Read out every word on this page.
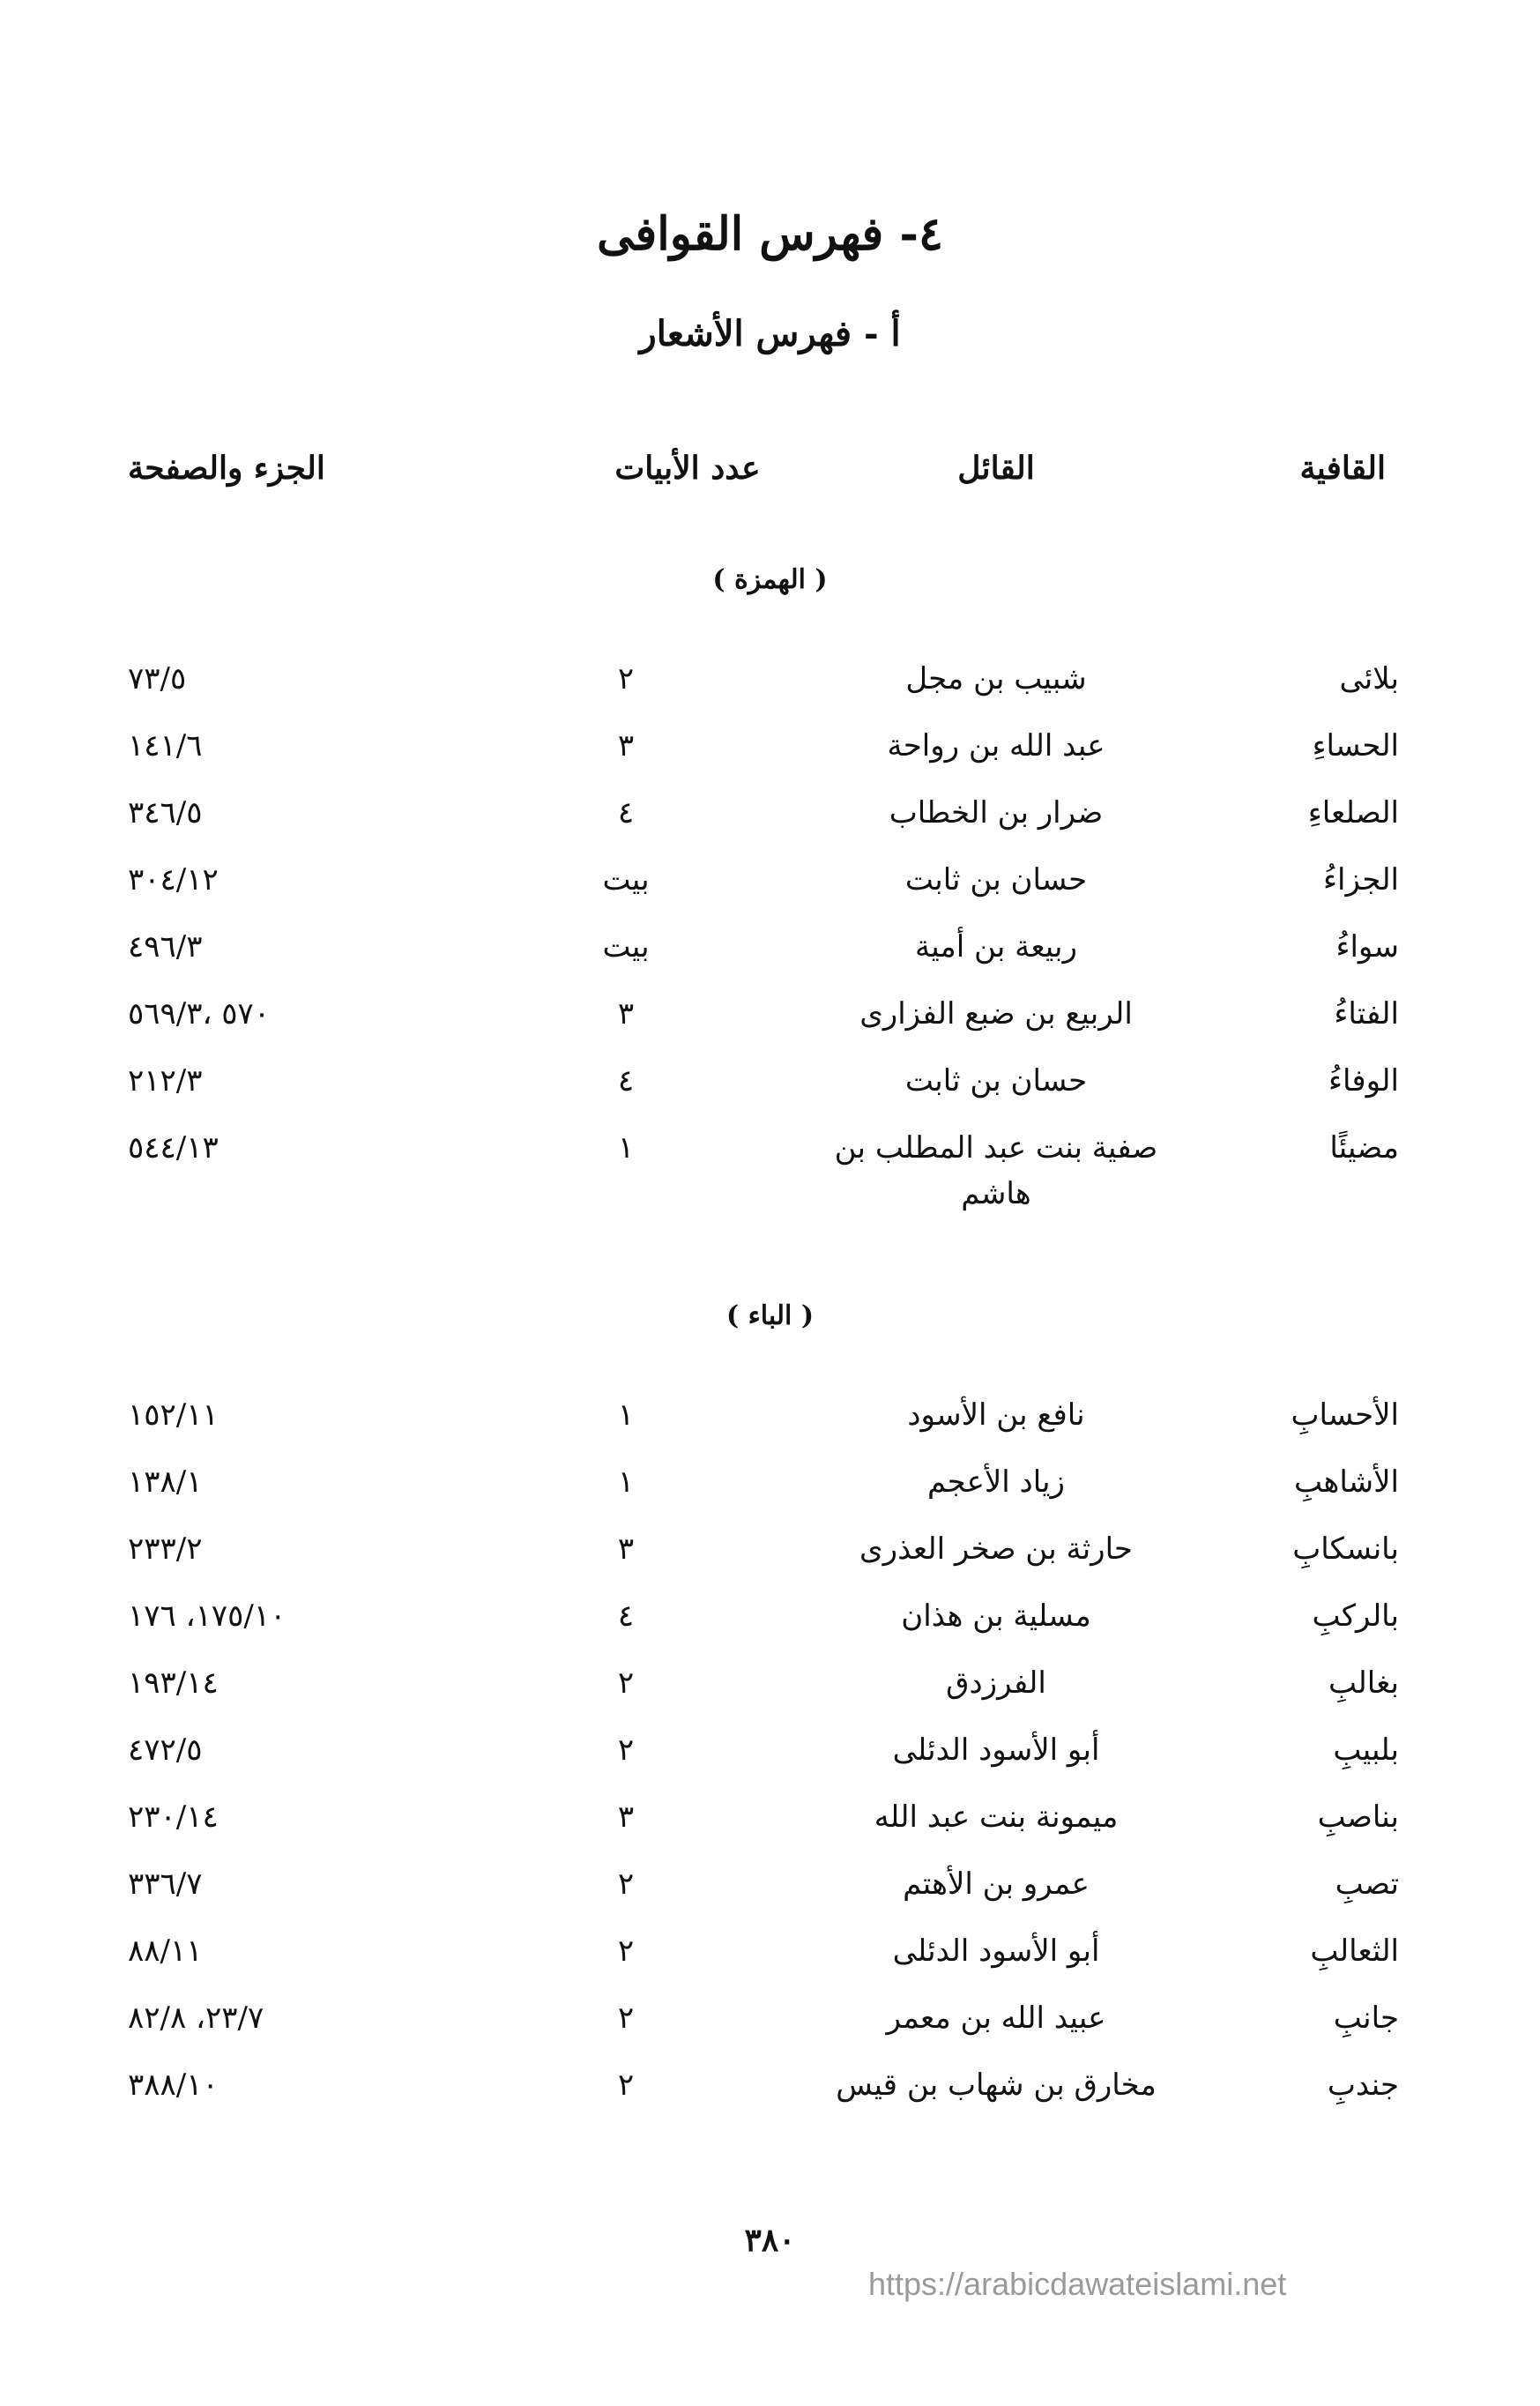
٤- فهرس القوافى
أ - فهرس الأشعار
القافية
القائل
عدد الأبيات
الجزء والصفحة
( الهمزة )
بلائى
شبيب بن مجل
٢
٧٣/٥
الحساءِ
عبد الله بن رواحة
٣
١٤١/٦
الصلعاءِ
ضرار بن الخطاب
٤
٣٤٦/٥
الجزاءُ
حسان بن ثابت
بيت
٣٠٤/١٢
سواءُ
ربيعة بن أمية
بيت
٤٩٦/٣
الفتاءُ
الربيع بن ضبع الفزارى
٣
٥٧٠ ،٥٦٩/٣
الوفاءُ
حسان بن ثابت
٤
٢١٢/٣
مضيئًا
صفية بنت عبد المطلب بن
هاشم
١
٥٤٤/١٣
( الباء )
الأحسابِ
نافع بن الأسود
١
١٥٢/١١
الأشاهبِ
زياد الأعجم
١
١٣٨/١
بانسكابِ
حارثة بن صخر العذرى
٣
٢٣٣/٢
بالركبِ
مسلية بن هذان
٤
١٧٥/١٠، ١٧٦
بغالبِ
الفرزدق
٢
١٩٣/١٤
بلبيبِ
أبو الأسود الدئلى
٢
٤٧٢/٥
بناصبِ
ميمونة بنت عبد الله
٣
٢٣٠/١٤
تصبِ
عمرو بن الأهتم
٢
٣٣٦/٧
الثعالبِ
أبو الأسود الدئلى
٢
٨٨/١١
جانبِ
عبيد الله بن معمر
٢
٢٣/٧، ٨٢/٨
جندبِ
مخارق بن شهاب بن قيس
٢
٣٨٨/١٠
٣٨٠
https://arabicdawateislami.net
